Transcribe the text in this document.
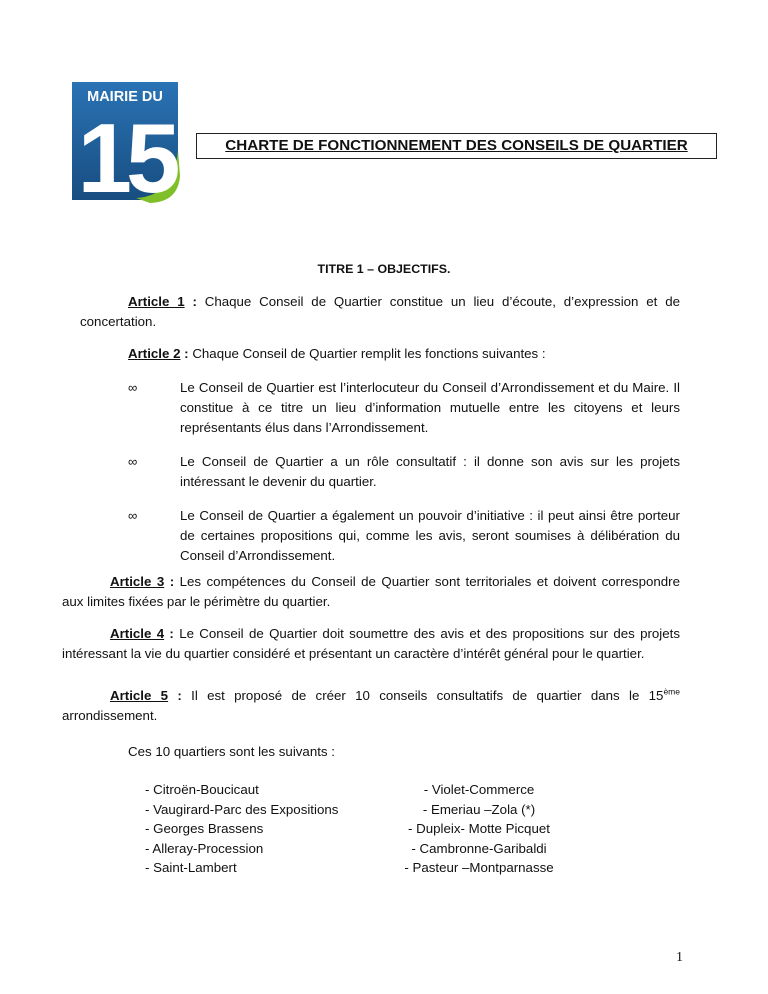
MAIRIE DU
15	CHARTE DE FONCTIONNEMENT DES CONSEILS DE QUARTIER
TITRE 1 – OBJECTIFS.
Article 1 : Chaque Conseil de Quartier constitue un lieu d’écoute, d’expression et de concertation.
Article 2 : Chaque Conseil de Quartier remplit les fonctions suivantes :
∞	Le Conseil de Quartier est l’interlocuteur du Conseil d’Arrondissement et du Maire. Il constitue à ce titre un lieu d’information mutuelle entre les citoyens et leurs représentants élus dans l’Arrondissement.
∞	Le Conseil de Quartier a un rôle consultatif : il donne son avis sur les projets intéressant le devenir du quartier.
∞	Le Conseil de Quartier a également un pouvoir d’initiative : il peut ainsi être porteur de certaines propositions qui, comme les avis, seront soumises à délibération du Conseil d’Arrondissement.
Article 3 : Les compétences du Conseil de Quartier sont territoriales et doivent correspondre aux limites fixées par le périmètre du quartier.
Article 4 : Le Conseil de Quartier doit soumettre des avis et des propositions sur des projets intéressant la vie du quartier considéré et présentant un caractère d’intérêt général pour le quartier.
Article 5 : Il est proposé de créer 10 conseils consultatifs de quartier dans le 15ème arrondissement.
Ces 10 quartiers sont les suivants :
- Citroën-Boucicaut
- Vaugirard-Parc des Expositions
- Georges Brassens
- Alleray-Procession
- Saint-Lambert
- Violet-Commerce
- Emeriau –Zola (*)
- Dupleix- Motte Picquet
- Cambronne-Garibaldi
- Pasteur –Montparnasse
1
